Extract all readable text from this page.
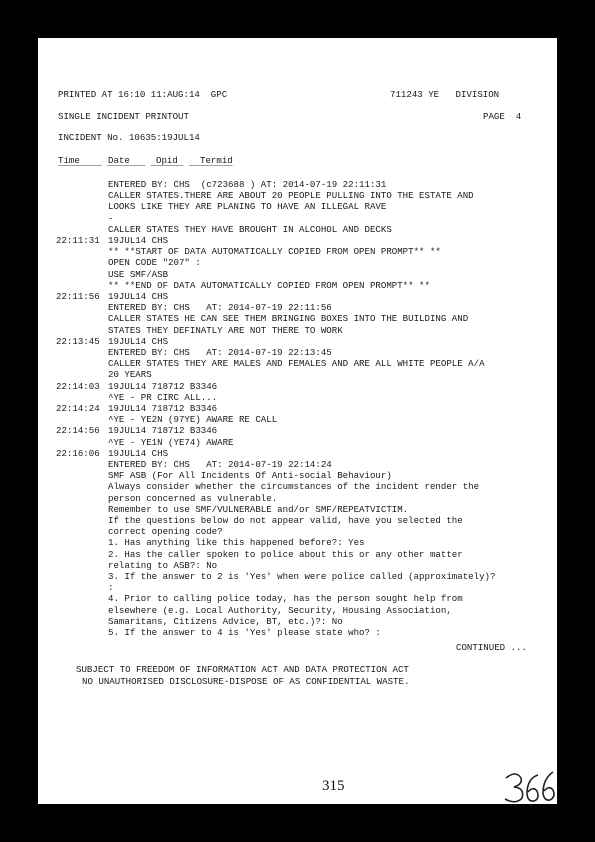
PRINTED AT 16:10 11:AUG:14  GPC	711243 YE   DIVISION
SINGLE INCIDENT PRINTOUT	PAGE  4
INCIDENT No. 10635:19JUL14
Time	Date	Opid Termid
‾‾‾‾‾‾‾‾ ‾‾‾‾‾‾‾ ‾‾‾‾‾‾ ‾‾‾‾‾‾‾‾
ENTERED BY: CHS  (c723688 ) AT: 2014-07-19 22:11:31
CALLER STATES.THERE ARE ABOUT 20 PEOPLE PULLING INTO THE ESTATE AND
LOOKS LIKE THEY ARE PLANING TO HAVE AN ILLEGAL RAVE
-
CALLER STATES THEY HAVE BROUGHT IN ALCOHOL AND DECKS
22:11:31 19JUL14 CHS
** **START OF DATA AUTOMATICALLY COPIED FROM OPEN PROMPT** **
OPEN CODE "207" :
USE SMF/ASB
** **END OF DATA AUTOMATICALLY COPIED FROM OPEN PROMPT** **
22:11:56 19JUL14 CHS
ENTERED BY: CHS   AT: 2014-07-19 22:11:56
CALLER STATES HE CAN SEE THEM BRINGING BOXES INTO THE BUILDING AND
STATES THEY DEFINATLY ARE NOT THERE TO WORK
22:13:45 19JUL14 CHS
ENTERED BY: CHS   AT: 2014-07-19 22:13:45
CALLER STATES THEY ARE MALES AND FEMALES AND ARE ALL WHITE PEOPLE A/A
20 YEARS
22:14:03 19JUL14 718712 B3346
^YE - PR CIRC ALL...
22:14:24 19JUL14 718712 B3346
^YE - YE2N (97YE) AWARE RE CALL
22:14:56 19JUL14 718712 B3346
^YE - YE1N (YE74) AWARE
22:16:06 19JUL14 CHS
ENTERED BY: CHS   AT: 2014-07-19 22:14:24
SMF ASB (For All Incidents Of Anti-social Behaviour)
Always consider whether the circumstances of the incident render the
person concerned as vulnerable.
Remember to use SMF/VULNERABLE and/or SMF/REPEATVICTIM.
If the questions below do not appear valid, have you selected the
correct opening code?
1. Has anything like this happened before?: Yes
2. Has the caller spoken to police about this or any other matter
relating to ASB?: No
3. If the answer to 2 is 'Yes' when were police called (approximately)?
:
4. Prior to calling police today, has the person sought help from
elsewhere (e.g. Local Authority, Security, Housing Association,
Samaritans, Citizens Advice, BT, etc.)?: No
5. If the answer to 4 is 'Yes' please state who? :
CONTINUED ...
SUBJECT TO FREEDOM OF INFORMATION ACT AND DATA PROTECTION ACT
NO UNAUTHORISED DISCLOSURE-DISPOSE OF AS CONFIDENTIAL WASTE.
315
